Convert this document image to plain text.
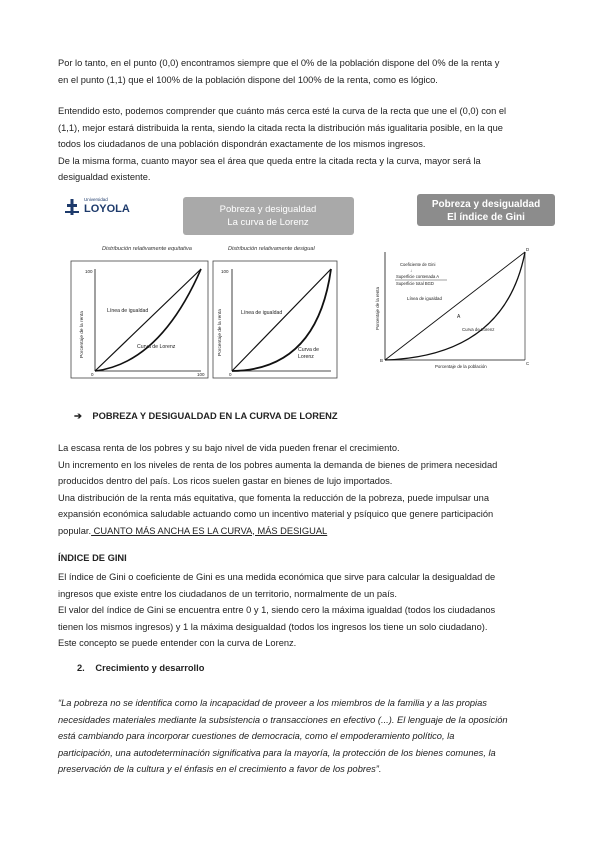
Por lo tanto, en el punto (0,0) encontramos siempre que el 0% de la población dispone del 0% de la renta y
en el punto (1,1) que el 100% de la población dispone del 100% de la renta, como es lógico.
Entendido esto, podemos comprender que cuánto más cerca esté la curva de la recta que une el (0,0) con el
(1,1), mejor estará distribuida la renta, siendo la citada recta la distribución más igualitaria posible, en la que
todos los ciudadanos de una población dispondrán exactamente de los mismos ingresos.
De la misma forma, cuanto mayor sea el área que queda entre la citada recta y la curva, mayor será la
desigualdad existente.
Universidad
LOYOLA	Pobreza y desigualdad
La curva de Lorenz
Pobreza y desigualdad
El índice de Gini
Distribución relativamente equitativa	Distribución relativamente desigual
100
100
0
Porcentaje de la renta
Línea de igualdad
Curva de Lorenz
100
0
Porcentaje de la renta	Línea de igualdad
Curva de
Lorenz
Porcentaje de la renta
Porcentaje de la población
Coeficiente de Gini
↓
Superficie contenada A
Superficie total BGD
Línea de igualdad
A
Curva de Lorenz
D
B
C
➔ POBREZA Y DESIGUALDAD EN LA CURVA DE LORENZ
La escasa renta de los pobres y su bajo nivel de vida pueden frenar el crecimiento.
Un incremento en los niveles de renta de los pobres aumenta la demanda de bienes de primera necesidad
producidos dentro del país. Los ricos suelen gastar en bienes de lujo importados.
Una distribución de la renta más equitativa, que fomenta la reducción de la pobreza, puede impulsar una
expansión económica saludable actuando como un incentivo material y psíquico que genere participación
popular. CUANTO MÁS ANCHA ES LA CURVA, MÁS DESIGUAL
ÍNDICE DE GINI
El índice de Gini o coeficiente de Gini es una medida económica que sirve para calcular la desigualdad de
ingresos que existe entre los ciudadanos de un territorio, normalmente de un país.
El valor del índice de Gini se encuentra entre 0 y 1, siendo cero la máxima igualdad (todos los ciudadanos
tienen los mismos ingresos) y 1 la máxima desigualdad (todos los ingresos los tiene un solo ciudadano).
Este concepto se puede entender con la curva de Lorenz.
2. Crecimiento y desarrollo
“La pobreza no se identifica como la incapacidad de proveer a los miembros de la familia y a las propias
necesidades materiales mediante la subsistencia o transacciones en efectivo (...). El lenguaje de la oposición
está cambiando para incorporar cuestiones de democracia, como el empoderamiento político, la
participación, una autodeterminación significativa para la mayoría, la protección de los bienes comunes, la
preservación de la cultura y el énfasis en el crecimiento a favor de los pobres”.
